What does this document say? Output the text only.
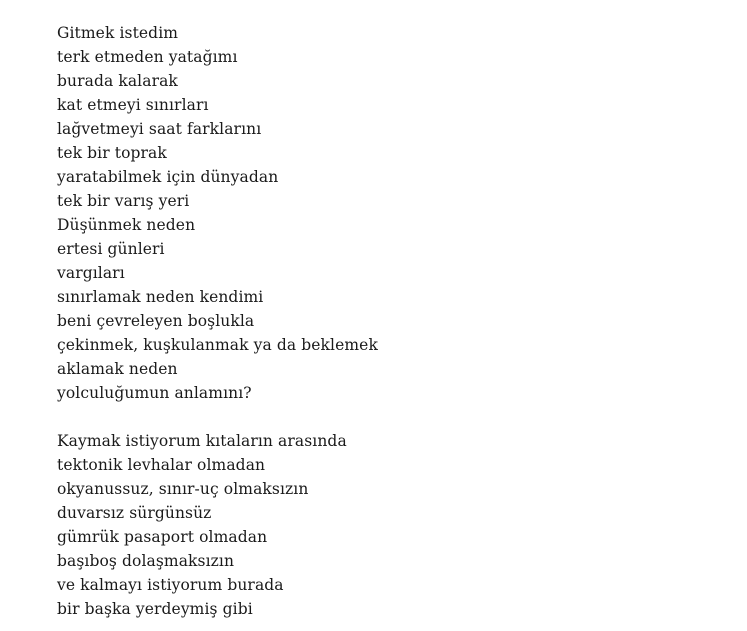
Gitmek istedim
terk etmeden yatağımı
burada kalarak
kat etmeyi sınırları
lağvetmeyi saat farklarını
tek bir toprak
yaratabilmek için dünyadan
tek bir varış yeri
Düşünmek neden
ertesi günleri
vargıları
sınırlamak neden kendimi
beni çevreleyen boşlukla
çekinmek, kuşkulanmak ya da beklemek
aklamak neden
yolculuğumun anlamını?
Kaymak istiyorum kıtaların arasında
tektonik levhalar olmadan
okyanussuz, sınır-uç olmaksızın
duvarsız sürgünsüz
gümrük pasaport olmadan
başıboş dolaşmaksızın
ve kalmayı istiyorum burada
bir başka yerdeymiş gibi
